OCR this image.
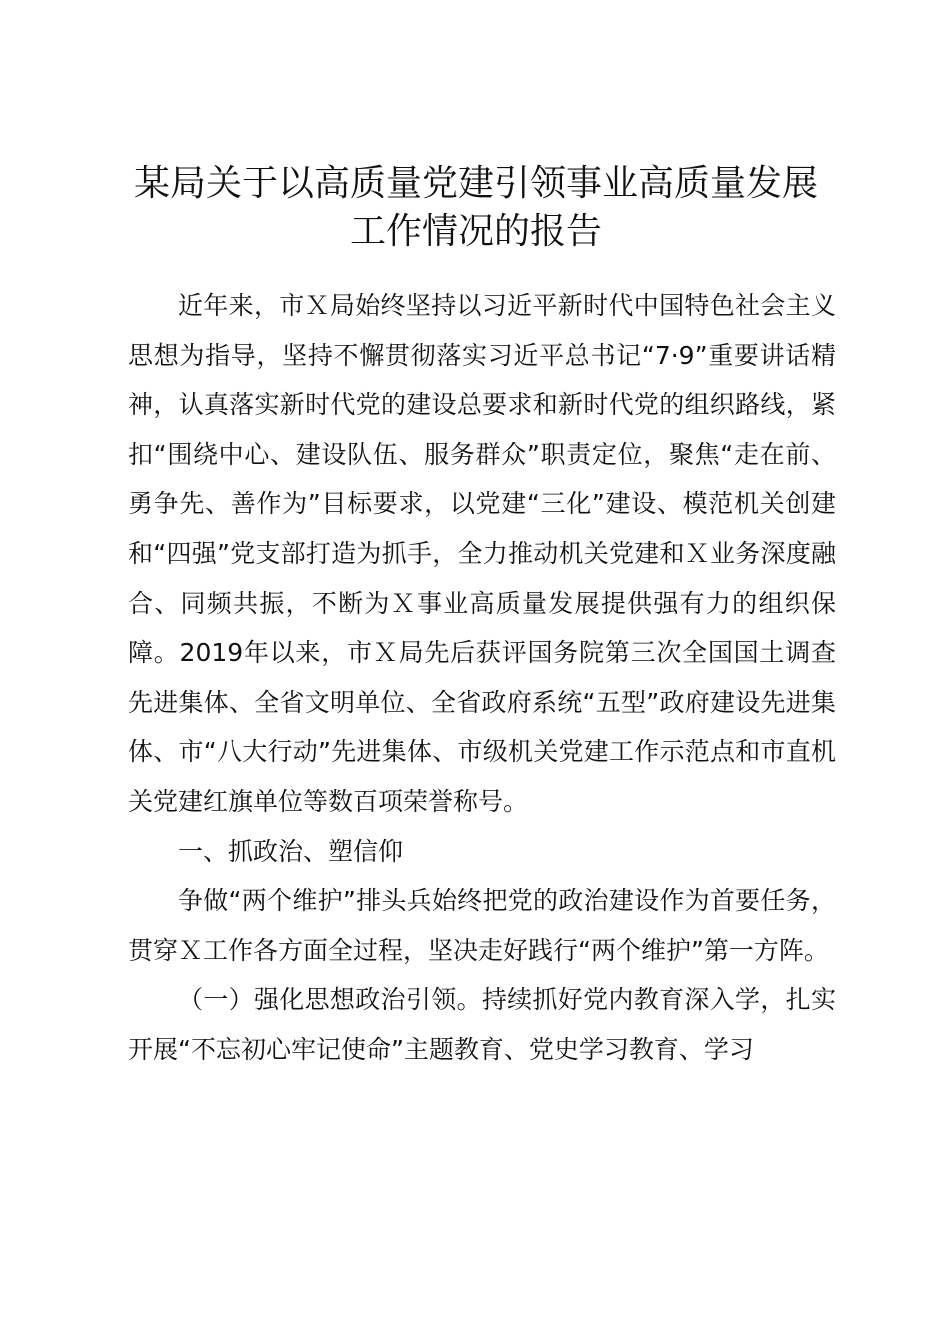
某局关于以高质量党建引领事业高质量发展工作情况的报告

近年来，市Ｘ局始终坚持以习近平新时代中国特色社会主义思想为指导，坚持不懈贯彻落实习近平总书记“7·9”重要讲话精神，认真落实新时代党的建设总要求和新时代党的组织路线，紧扣“围绕中心、建设队伍、服务群众”职责定位，聚焦“走在前、勇争先、善作为”目标要求，以党建“三化”建设、模范机关创建和“四强”党支部打造为抓手，全力推动机关党建和Ｘ业务深度融合、同频共振，不断为Ｘ事业高质量发展提供强有力的组织保障。2019年以来，市Ｘ局先后获评国务院第三次全国国土调查先进集体、全省文明单位、全省政府系统“五型”政府建设先进集体、市“八大行动”先进集体、市级机关党建工作示范点和市直机关党建红旗单位等数百项荣誉称号。

一、抓政治、塑信仰

争做“两个维护”排头兵始终把党的政治建设作为首要任务，贯穿Ｘ工作各方面全过程，坚决走好践行“两个维护”第一方阵。

（一）强化思想政治引领。持续抓好党内教育深入学，扎实开展“不忘初心牢记使命”主题教育、党史学习教育、学习
